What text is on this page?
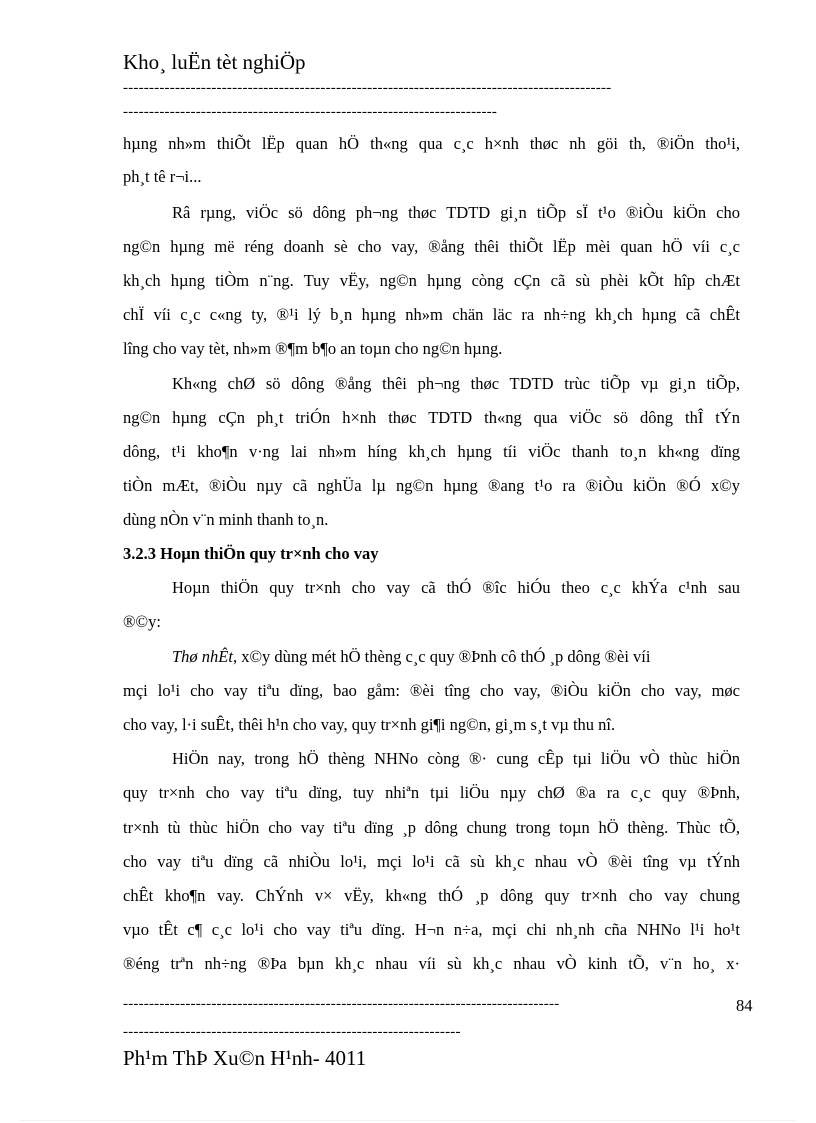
Kho¸ luËn tèt nghiÖp
----------------------------------------------------------------------------------------------
------------------------------------------------------------------------
hµng nh»m thiÕt lËp quan hÖ th«ng qua c¸c h×nh thøc nh göi th, ®iÖn tho¹i,
ph¸t tê r¬i...
Râ rµng, viÖc sö dông ph¬ng thøc TDTD gi¸n tiÕp sÏ t¹o ®iÒu kiÖn cho
ng©n hµng më réng doanh sè cho vay, ®ång thêi thiÕt lËp mèi quan hÖ víi c¸c
kh¸ch hµng tiÒm n¨ng. Tuy vËy, ng©n hµng còng cÇn cã sù phèi kÕt hîp chÆt
chÏ víi c¸c c«ng ty, ®¹i lý b¸n hµng nh»m chän läc ra nh÷ng kh¸ch hµng cã chÊt
lîng cho vay tèt, nh»m ®¶m b¶o an toµn cho ng©n hµng.
Kh«ng chØ sö dông ®ång thêi ph¬ng thøc TDTD trùc tiÕp vµ gi¸n tiÕp,
ng©n hµng cÇn ph¸t triÓn h×nh thøc TDTD th«ng qua viÖc sö dông thÎ tÝn
dông, t¹i kho¶n v·ng lai nh»m híng kh¸ch hµng tíi viÖc thanh to¸n kh«ng dïng
tiÒn mÆt, ®iÒu nµy cã nghÜa lµ ng©n hµng ®ang t¹o ra ®iÒu kiÖn ®Ó x©y
dùng nÒn v¨n minh thanh to¸n.
3.2.3 Hoµn thiÖn quy tr×nh cho vay
Hoµn thiÖn quy tr×nh cho vay cã thÓ ®îc hiÓu theo c¸c khÝa c¹nh sau
®©y:
Thø nhÊt , x©y dùng mét hÖ thèng c¸c quy ®Þnh cô thÓ ¸p dông ®èi víi
mçi lo¹i cho vay tiªu dïng, bao gåm: ®èi tîng cho vay, ®iÒu kiÖn cho vay, møc
cho vay, l·i suÊt, thêi h¹n cho vay, quy tr×nh gi¶i ng©n, gi¸m s¸t vµ thu nî.
HiÖn nay, trong hÖ thèng NHNo còng ®· cung cÊp tµi liÖu vÒ thùc hiÖn
quy tr×nh cho vay tiªu dïng, tuy nhiªn tµi liÖu nµy chØ ®a ra c¸c quy ®Þnh,
tr×nh tù thùc hiÖn cho vay tiªu dïng ¸p dông chung trong toµn hÖ thèng. Thùc tÕ,
cho vay tiªu dïng cã nhiÒu lo¹i, mçi lo¹i cã sù kh¸c nhau vÒ ®èi tîng vµ tÝnh
chÊt kho¶n vay. ChÝnh v× vËy, kh«ng thÓ ¸p dông quy tr×nh cho vay chung
vµo tÊt c¶ c¸c lo¹i cho vay tiªu dïng. H¬n n÷a, mçi chi nh¸nh cña NHNo l¹i ho¹t
®éng trªn nh÷ng ®Þa bµn kh¸c nhau víi sù kh¸c nhau vÒ kinh tÕ, v¨n ho¸ x·
------------------------------------------------------------------------------------	84
-----------------------------------------------------------------
Ph¹m ThÞ Xu©n H¹nh- 4011
